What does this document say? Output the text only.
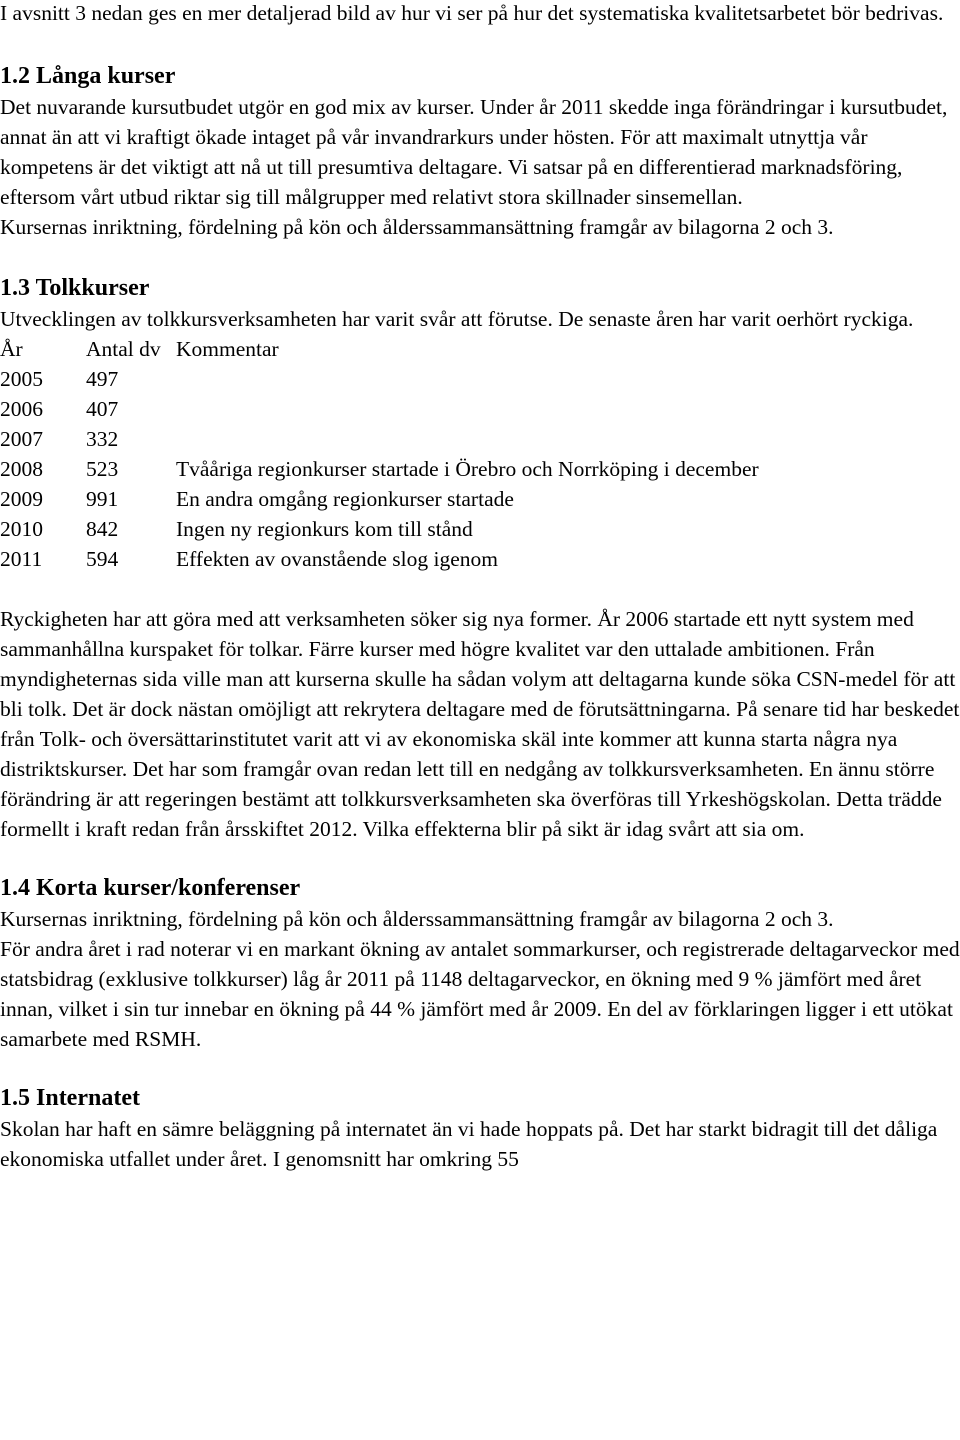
I avsnitt 3 nedan ges en mer detaljerad bild av hur vi ser på hur det systematiska kvalitetsarbetet bör bedrivas.

1.2 Långa kurser

Det nuvarande kursutbudet utgör en god mix av kurser. Under år 2011 skedde inga förändringar i kursutbudet, annat än att vi kraftigt ökade intaget på vår invandrarkurs under hösten. För att maximalt utnyttja vår kompetens är det viktigt att nå ut till presumtiva deltagare. Vi satsar på en differentierad marknadsföring, eftersom vårt utbud riktar sig till målgrupper med relativt stora skillnader sinsemellan.

Kursernas inriktning, fördelning på kön och ålderssammansättning framgår av bilagorna 2 och 3.

1.3 Tolkkurser

Utvecklingen av tolkkursverksamheten har varit svår att förutse. De senaste åren har varit oerhört ryckiga.

År	Antal dv	Kommentar
2005	497	
2006	407	
2007	332	
2008	523	Tvååriga regionkurser startade i Örebro och Norrköping i december
2009	991	En andra omgång regionkurser startade
2010	842	Ingen ny regionkurs kom till stånd
2011	594	Effekten av ovanstående slog igenom

Ryckigheten har att göra med att verksamheten söker sig nya former. År 2006 startade ett nytt system med sammanhållna kurspaket för tolkar. Färre kurser med högre kvalitet var den uttalade ambitionen. Från myndigheternas sida ville man att kurserna skulle ha sådan volym att deltagarna kunde söka CSN-medel för att bli tolk. Det är dock nästan omöjligt att rekrytera deltagare med de förutsättningarna. På senare tid har beskedet från Tolk- och översättarinstitutet varit att vi av ekonomiska skäl inte kommer att kunna starta några nya distriktskurser. Det har som framgår ovan redan lett till en nedgång av tolkkursverksamheten. En ännu större förändring är att regeringen bestämt att tolkkursverksamheten ska överföras till Yrkeshögskolan. Detta trädde formellt i kraft redan från årsskiftet 2012. Vilka effekterna blir på sikt är idag svårt att sia om.

1.4 Korta kurser/konferenser

Kursernas inriktning, fördelning på kön och ålderssammansättning framgår av bilagorna 2 och 3.

För andra året i rad noterar vi en markant ökning av antalet sommarkurser, och registrerade deltagarveckor med statsbidrag (exklusive tolkkurser) låg år 2011 på 1148 deltagarveckor, en ökning med 9 % jämfört med året innan, vilket i sin tur innebar en ökning på 44 % jämfört med år 2009. En del av förklaringen ligger i ett utökat samarbete med RSMH.

1.5 Internatet

Skolan har haft en sämre beläggning på internatet än vi hade hoppats på. Det har starkt bidragit till det dåliga ekonomiska utfallet under året. I genomsnitt har omkring 55
